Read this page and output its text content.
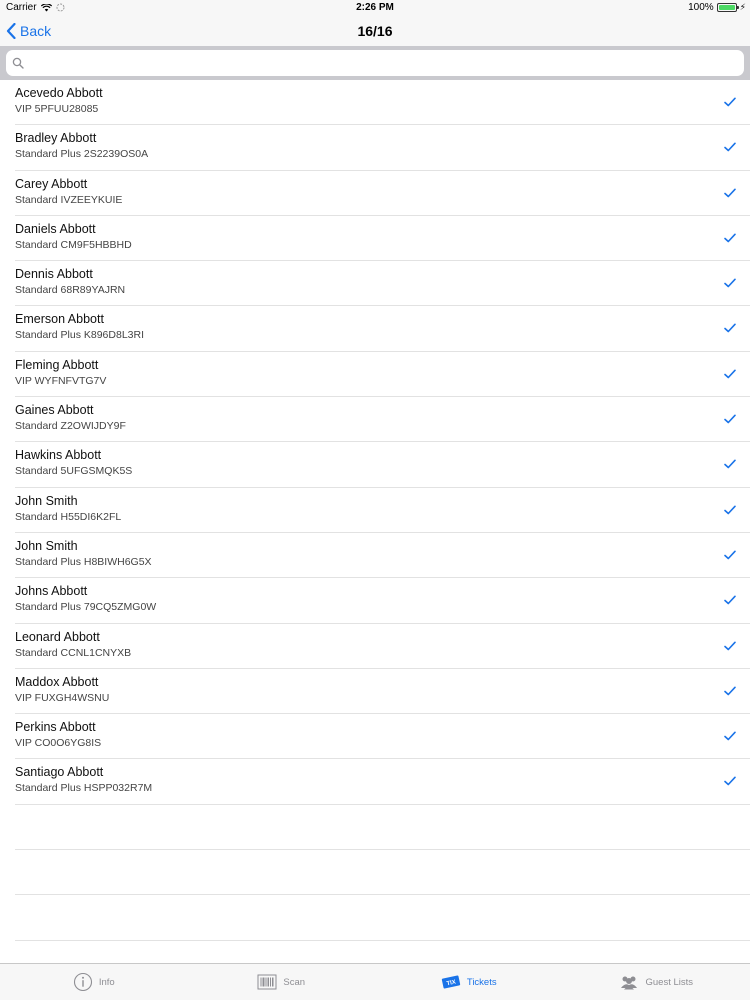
Carrier	2:26 PM	100%	⚡
Back	16/16
Acevedo Abbott
VIP 5PFUU28085
Bradley Abbott
Standard Plus 2S2239OS0A
Carey Abbott
Standard IVZEEYKUIE
Daniels Abbott
Standard CM9F5HBBHD
Dennis Abbott
Standard 68R89YAJRN
Emerson Abbott
Standard Plus K896D8L3RI
Fleming Abbott
VIP WYFNFVTG7V
Gaines Abbott
Standard Z2OWIJDY9F
Hawkins Abbott
Standard 5UFGSMQK5S
John Smith
Standard H55DI6K2FL
John Smith
Standard Plus H8BIWH6G5X
Johns Abbott
Standard Plus 79CQ5ZMG0W
Leonard Abbott
Standard CCNL1CNYXB
Maddox Abbott
VIP FUXGH4WSNU
Perkins Abbott
VIP CO0O6YG8IS
Santiago Abbott
Standard Plus HSPP032R7M
Info	Scan	TIX Tickets	Guest Lists
